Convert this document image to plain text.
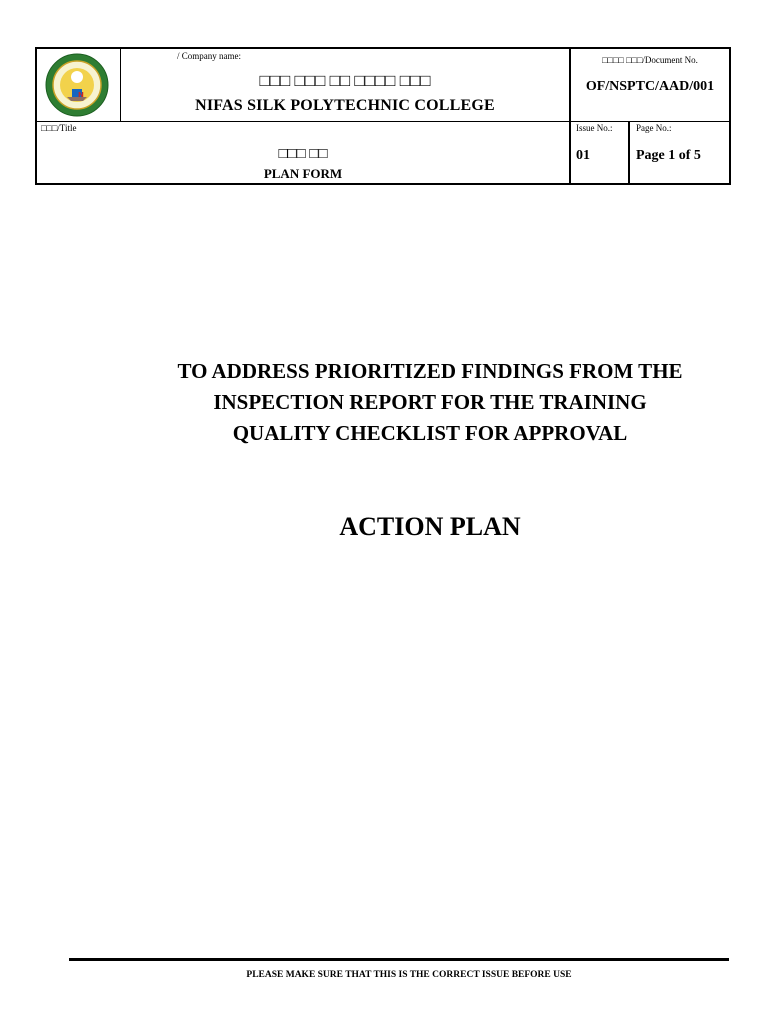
N
/ Company name:
□□□ □□□ □□ □□□□ □□□
NIFAS SILK POLYTECHNIC COLLEGE
□□□□ □□□/Document No.
OF/NSPTC/AAD/001
□□□/Title
□□□ □□
PLAN FORM
Issue No.:
01
Page No.:
Page 1 of 5
TO ADDRESS PRIORITIZED FINDINGS FROM THE
INSPECTION REPORT FOR THE TRAINING
QUALITY CHECKLIST FOR APPROVAL
ACTION PLAN
PLEASE MAKE SURE THAT THIS IS THE CORRECT ISSUE BEFORE USE
